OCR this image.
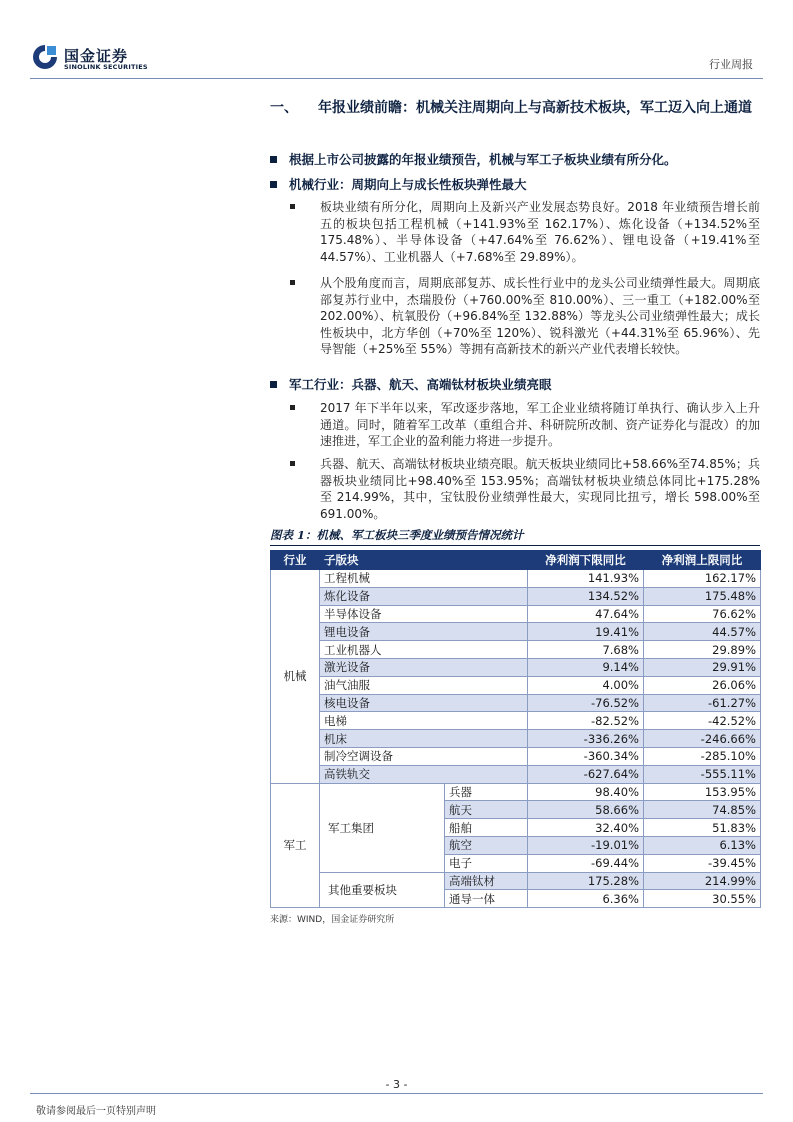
国金证券
SINOLINK SECURITIES	行业周报
一、	年报业绩前瞻：机械关注周期向上与高新技术板块，军工迈入向上通道
根据上市公司披露的年报业绩预告，机械与军工子板块业绩有所分化。
机械行业：周期向上与成长性板块弹性最大
板块业绩有所分化，周期向上及新兴产业发展态势良好。2018 年业绩预告增长前五的板块包括工程机械（+141.93%至 162.17%）、炼化设备（+134.52%至 175.48%）、半导体设备（+47.64%至 76.62%）、锂电设备（+19.41%至 44.57%）、工业机器人（+7.68%至 29.89%）。
从个股角度而言，周期底部复苏、成长性行业中的龙头公司业绩弹性最大。周期底部复苏行业中，杰瑞股份（+760.00%至 810.00%）、三一重工（+182.00%至 202.00%）、杭氧股份（+96.84%至 132.88%）等龙头公司业绩弹性最大；成长性板块中，北方华创（+70%至 120%）、锐科激光（+44.31%至 65.96%）、先导智能（+25%至 55%）等拥有高新技术的新兴产业代表增长较快。
军工行业：兵器、航天、高端钛材板块业绩亮眼
2017 年下半年以来，军改逐步落地，军工企业业绩将随订单执行、确认步入上升通道。同时，随着军工改革（重组合并、科研院所改制、资产证券化与混改）的加速推进，军工企业的盈利能力将进一步提升。
兵器、航天、高端钛材板块业绩亮眼。航天板块业绩同比+58.66%至74.85%；兵器板块业绩同比+98.40%至 153.95%；高端钛材板块业绩总体同比+175.28%至 214.99%，其中，宝钛股份业绩弹性最大，实现同比扭亏，增长 598.00%至 691.00%。
图表 1：机械、军工板块三季度业绩预告情况统计
行业	子版块		净利润下限同比	净利润上限同比
机械	工程机械		141.93%	162.17%
	炼化设备		134.52%	175.48%
	半导体设备		47.64%	76.62%
	锂电设备		19.41%	44.57%
	工业机器人		7.68%	29.89%
	激光设备		9.14%	29.91%
	油气油服		4.00%	26.06%
	核电设备		-76.52%	-61.27%
	电梯		-82.52%	-42.52%
	机床		-336.26%	-246.66%
	制冷空调设备		-360.34%	-285.10%
	高铁轨交		-627.64%	-555.11%
军工	军工集团	兵器	98.40%	153.95%
		航天	58.66%	74.85%
		船舶	32.40%	51.83%
		航空	-19.01%	6.13%
		电子	-69.44%	-39.45%
	其他重要板块	高端钛材	175.28%	214.99%
		通导一体	6.36%	30.55%
来源：WIND，国金证券研究所
- 3 -
敬请参阅最后一页特别声明
